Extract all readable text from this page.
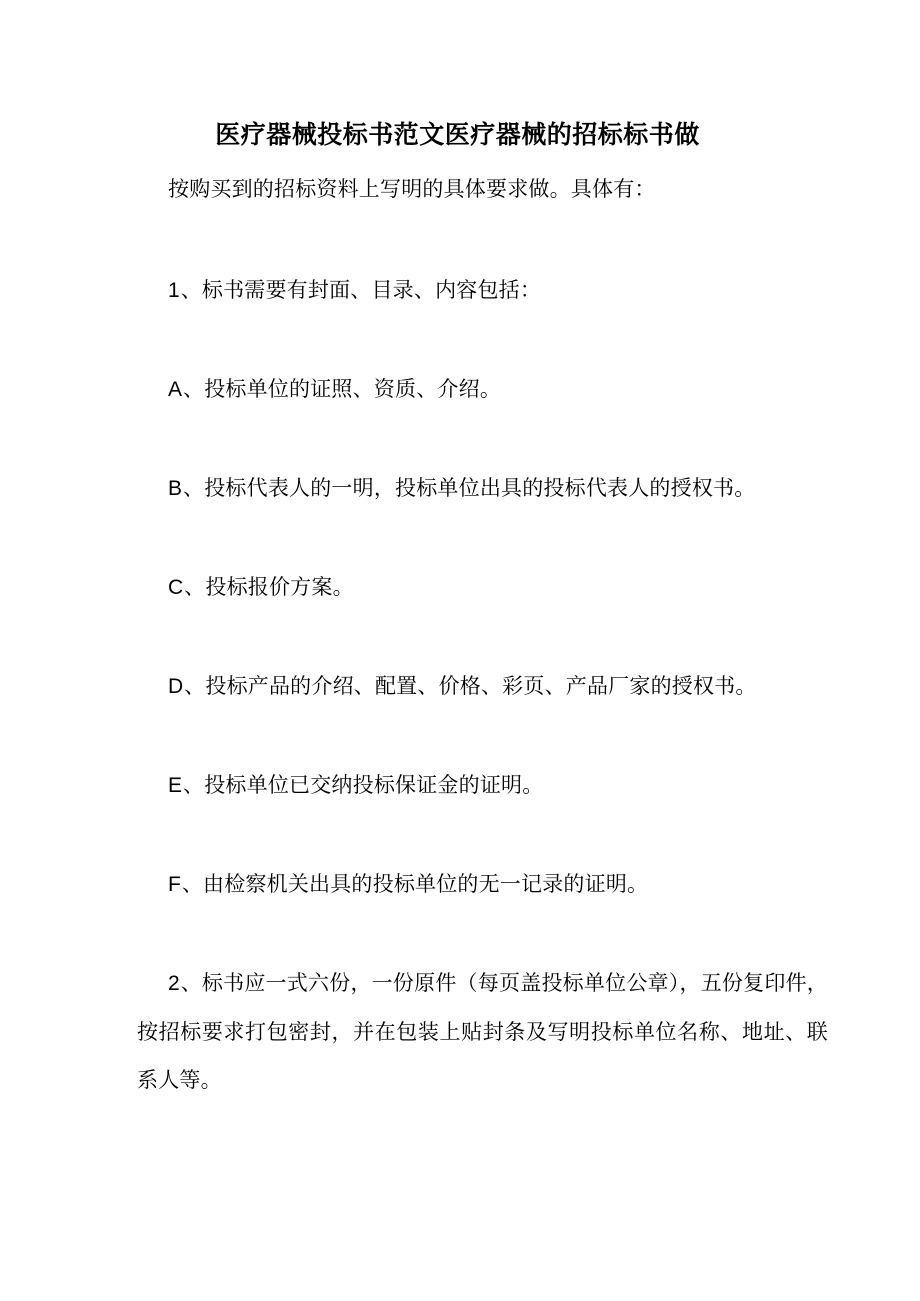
医疗器械投标书范文医疗器械的招标标书做

按购买到的招标资料上写明的具体要求做。具体有：

1、标书需要有封面、目录、内容包括：

A、投标单位的证照、资质、介绍。

B、投标代表人的一明，投标单位出具的投标代表人的授权书。

C、投标报价方案。

D、投标产品的介绍、配置、价格、彩页、产品厂家的授权书。

E、投标单位已交纳投标保证金的证明。

F、由检察机关出具的投标单位的无一记录的证明。

2、标书应一式六份，一份原件（每页盖投标单位公章），五份复印件，按招标要求打包密封，并在包装上贴封条及写明投标单位名称、地址、联系人等。
